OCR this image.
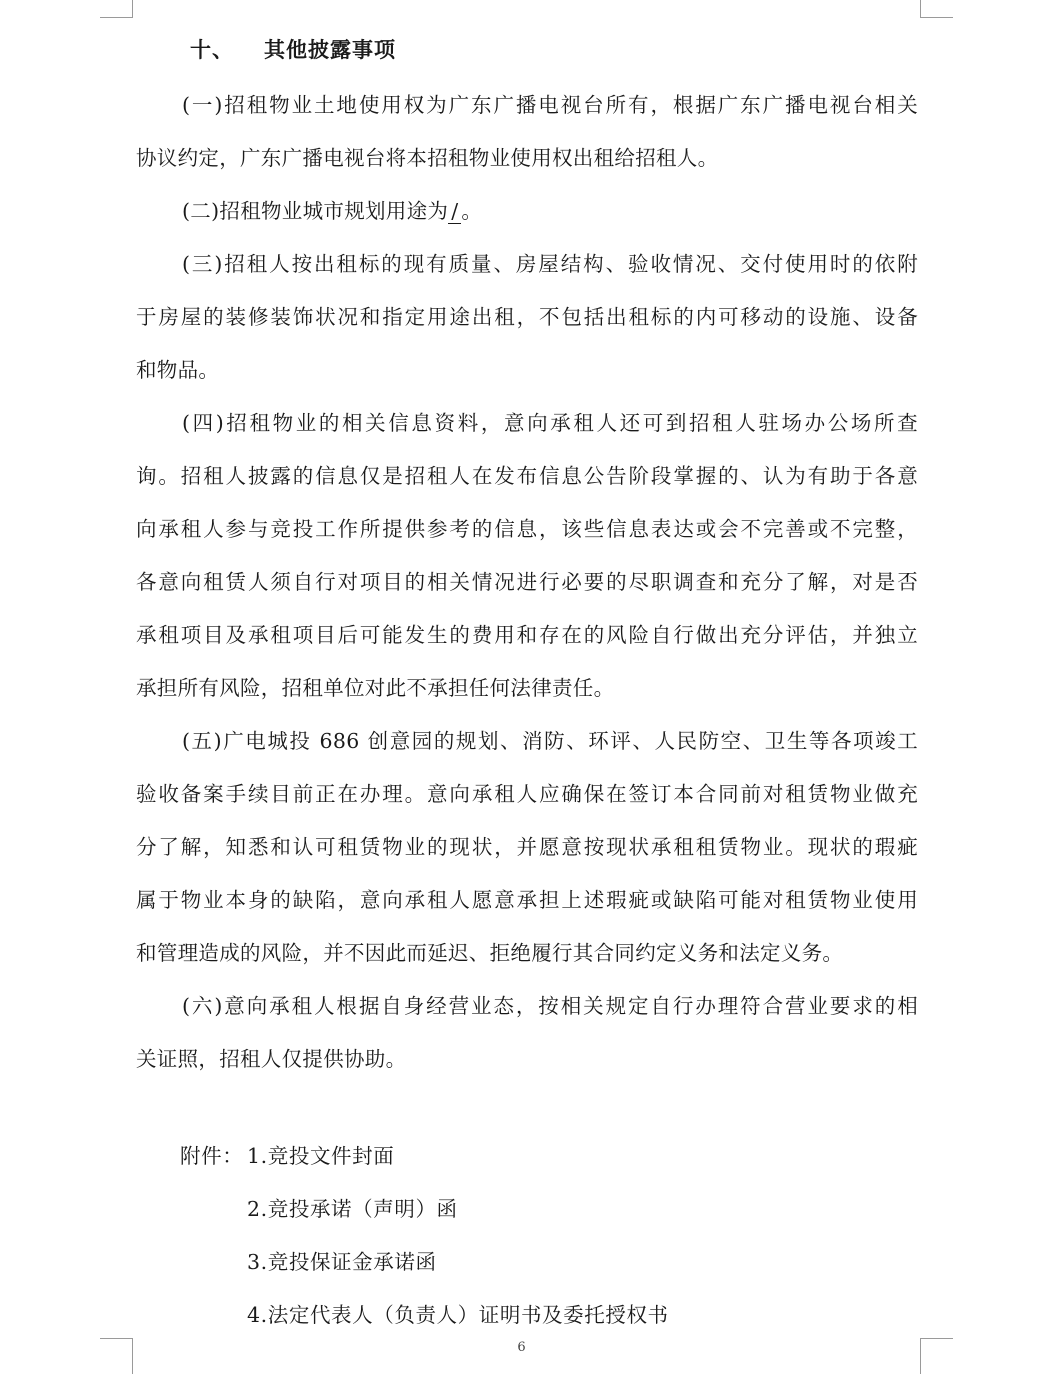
十、 其他披露事项
(一)招租物业土地使用权为广东广播电视台所有，根据广东广播电视台相关
协议约定，广东广播电视台将本招租物业使用权出租给招租人。
(二)招租物业城市规划用途为 / 。
(三)招租人按出租标的现有质量、房屋结构、验收情况、交付使用时的依附
于房屋的装修装饰状况和指定用途出租，不包括出租标的内可移动的设施、设备
和物品。
(四)招租物业的相关信息资料，意向承租人还可到招租人驻场办公场所查
询。招租人披露的信息仅是招租人在发布信息公告阶段掌握的、认为有助于各意
向承租人参与竞投工作所提供参考的信息，该些信息表达或会不完善或不完整，
各意向租赁人须自行对项目的相关情况进行必要的尽职调查和充分了解，对是否
承租项目及承租项目后可能发生的费用和存在的风险自行做出充分评估，并独立
承担所有风险，招租单位对此不承担任何法律责任。
(五)广电城投 686 创意园的规划、消防、环评、人民防空、卫生等各项竣工
验收备案手续目前正在办理。意向承租人应确保在签订本合同前对租赁物业做充
分了解，知悉和认可租赁物业的现状，并愿意按现状承租租赁物业。现状的瑕疵
属于物业本身的缺陷，意向承租人愿意承担上述瑕疵或缺陷可能对租赁物业使用
和管理造成的风险，并不因此而延迟、拒绝履行其合同约定义务和法定义务。
(六)意向承租人根据自身经营业态，按相关规定自行办理符合营业要求的相
关证照，招租人仅提供协助。
附件： 1.竞投文件封面
2.竞投承诺（声明）函
3.竞投保证金承诺函
4.法定代表人（负责人）证明书及委托授权书
6
